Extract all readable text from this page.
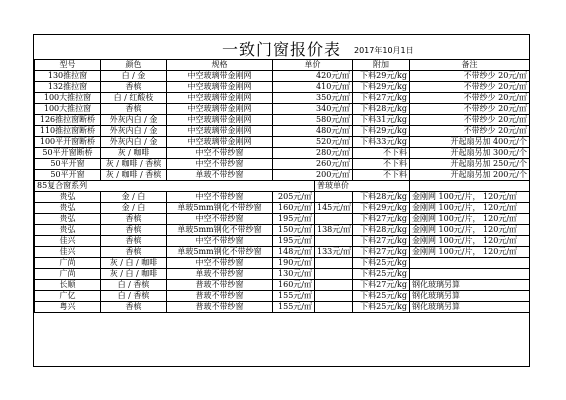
一致门窗报价表	2017年10月1日
型号	颜色	规格	单价		附加	备注
130推拉窗	白 / 金	中空玻璃带金刚网	420元/㎡		下料29元/kg	不带纱少 20元/㎡
132推拉窗	香槟	中空玻璃带金刚网	410元/㎡		下料29元/kg	不带纱少 20元/㎡
100大推拉窗	白 / 红酸枝	中空玻璃带金刚网	350元/㎡		下料27元/kg	不带纱少 20元/㎡
100大推拉窗	香槟	中空玻璃带金刚网	340元/㎡		下料28元/kg	不带纱少 20元/㎡
126推拉窗断桥	外灰内白 / 金	中空玻璃带金刚网	580元/㎡		下料31元/kg	不带纱少 20元/㎡
110推拉窗断桥	外灰内白 / 金	中空玻璃带金刚网	480元/㎡		下料29元/kg	不带纱少 20元/㎡
100平开窗断桥	外灰内白 / 金	中空玻璃带金刚网	520元/㎡		下料33元/kg	开起扇另加 400元/个
50平开窗断桥	灰 / 咖啡	中空不带纱窗	280元/㎡		不下料	开起扇另加 300元/个
50平开窗	灰 / 咖啡 / 香槟	中空不带纱窗	260元/㎡		不下料	开起扇另加 250元/个
50平开窗	灰 / 咖啡 / 香槟	单玻不带纱窗	200元/㎡		不下料	开起扇另加 200元/个
85复合窗系列				普玻单价		
贵弘	金 / 白	中空不带纱窗	205元/㎡		下料28元/kg	金刚网 100元/片， 120元/㎡
贵弘	金 / 白	单玻5mm钢化不带纱窗	160元/㎡	145元/㎡	下料29元/kg	金刚网 100元/片， 120元/㎡
贵弘	香槟	中空不带纱窗	195元/㎡		下料27元/kg	金刚网 100元/片， 120元/㎡
贵弘	香槟	单玻5mm钢化不带纱窗	150元/㎡	138元/㎡	下料28元/kg	金刚网 100元/片， 120元/㎡
佳兴	香槟	中空不带纱窗	195元/㎡		下料27元/kg	金刚网 100元/片， 120元/㎡
佳兴	香槟	单玻5mm钢化不带纱窗	148元/㎡	133元/㎡	下料27元/kg	金刚网 100元/片， 120元/㎡
广尚	灰 / 白 / 咖啡	中空不带纱窗	190元/㎡		下料25元/kg	
广尚	灰 / 白 / 咖啡	单玻不带纱窗	130元/㎡		下料25元/kg	
长顺	白 / 香槟	普玻不带纱窗	160元/㎡		下料27元/kg	钢化玻璃另算
广亿	白 / 香槟	普玻不带纱窗	155元/㎡		下料25元/kg	钢化玻璃另算
粤兴	香槟	普玻不带纱窗	155元/㎡		下料25元/kg	钢化玻璃另算
